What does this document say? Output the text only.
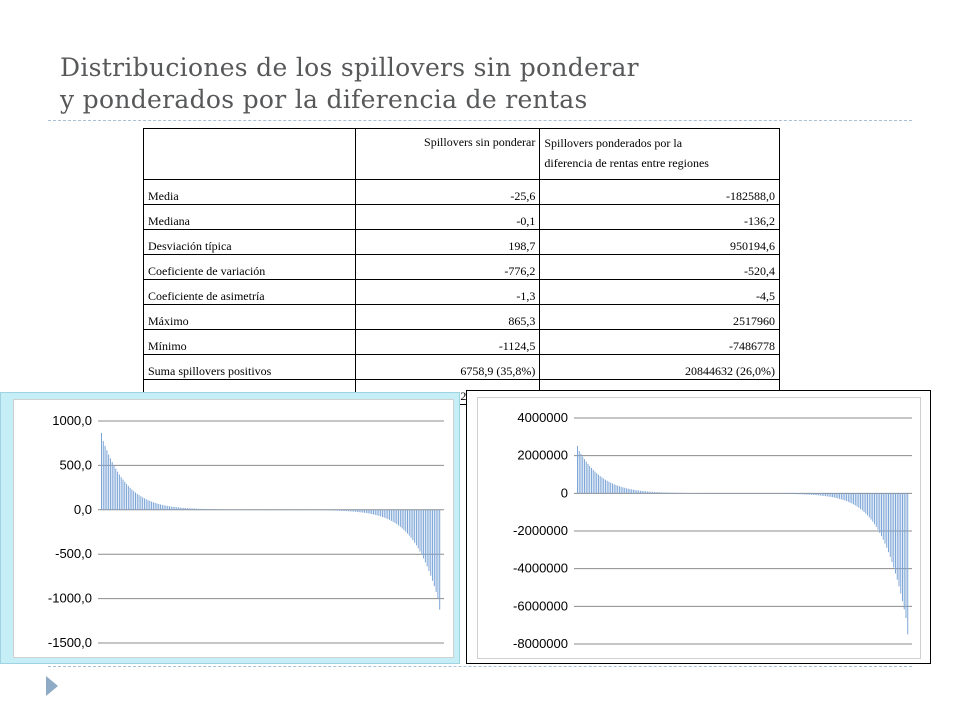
Distribuciones de los spillovers sin ponderar
y ponderados por la diferencia de rentas
	Spillovers sin ponderar	Spillovers ponderados por la
diferencia de rentas entre regiones
Media	-25,6	-182588,0
Mediana	-0,1	-136,2
Desviación típica	198,7	950194,6
Coeficiente de variación	-776,2	-520,4
Coeficiente de asimetría	-1,3	-4,5
Máximo	865,3	2517960
Mínimo	-1124,5	-7486778
Suma spillovers positivos	6758,9 (35,8%)	20844632 (26,0%)

1000,0
500,0
0,0
-500,0
-1000,0
-1500,0
4000000
2000000
0
-2000000
-4000000
-6000000
-8000000
